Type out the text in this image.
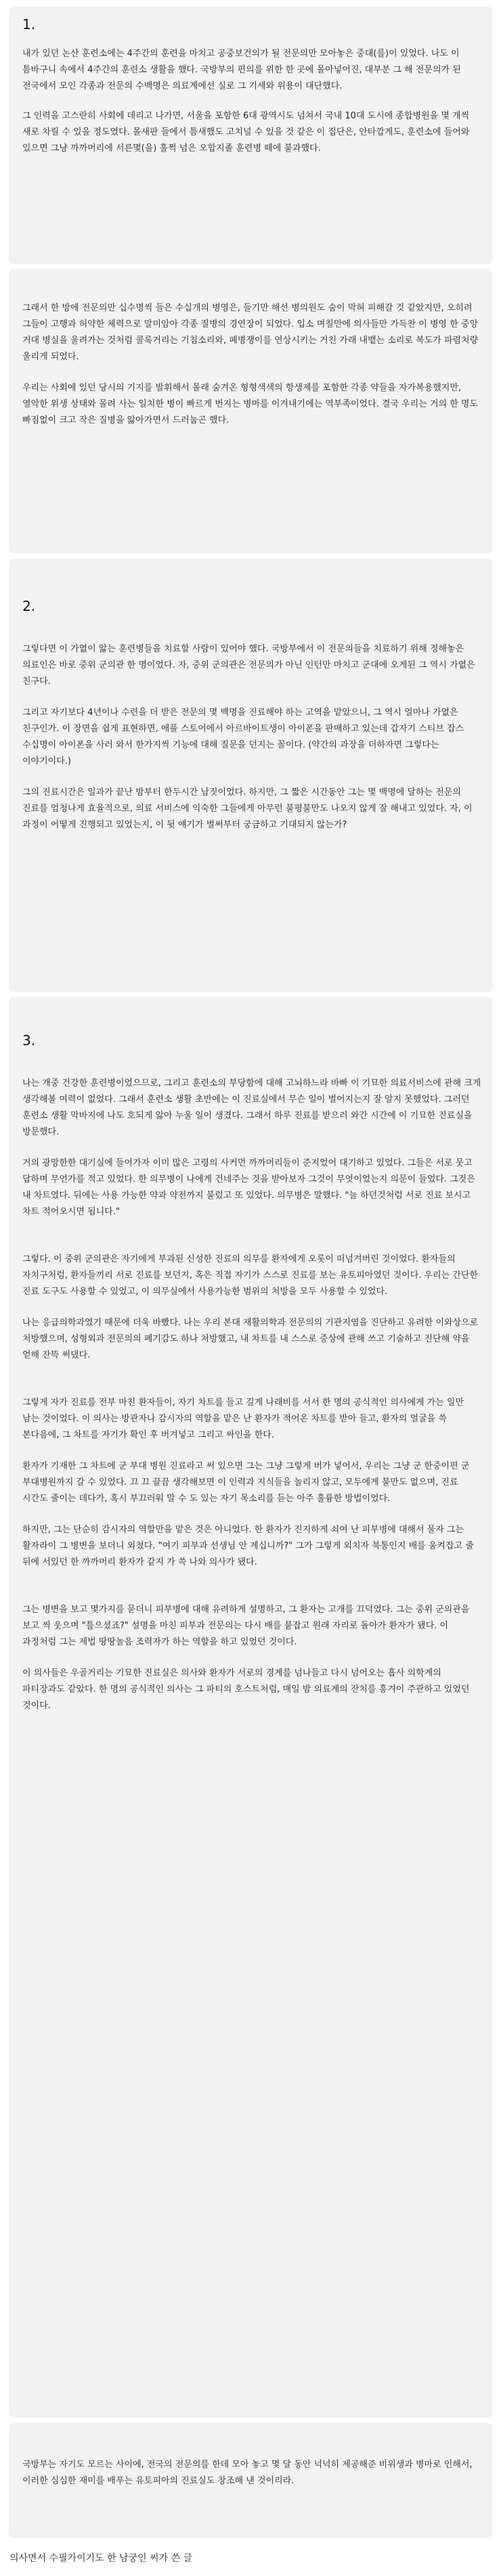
1.

내가 있던 논산 훈련소에는 4주간의 훈련을 마치고 공중보건의가 될 전문의만 모아놓은 중대(를)이 있었다. 나도 이 틈바구니 속에서 4주간의 훈련소 생활을 했다. 국방부의 편의를 위한 한 곳에 몰아넣어진, 대부분 그 해 전문의가 된 전국에서 모인 각종과 전문의 수백명은 의료계에선 실로 그 기세와 위용이 대단했다.

그 인력을 고스란히 사회에 데리고 나가면, 서울을 포함한 6대 광역시도 넘쳐서 국내 10대 도시에 종합병원을 몇 개씩 새로 차릴 수 있을 정도였다. 몰새판 들에서 틈새했도 고치널 수 있을 것 같은 이 집단은, 안타깝게도, 훈련소에 들어와 있으면 그냥 까까머리에 서른몇(을) 훌쩍 넘은 오합지졸 훈련병 떼에 불과했다.

그래서 한 방에 전문의만 십수명씩 들은 수십개의 병영은, 들기만 해선 병의원도 숨이 막혀 피해갈 것 같았지만, 오히려 그들이 고행과 허약한 체력으로 말미암아 각종 질병의 경연장이 되었다. 입소 며칠만에 의사들만 가득찬 이 병영 한 중앙 거대 병실을 울려가는 것처럼 콜록거리는 기침소리와, 폐병쟁이를 연상시키는 거친 가래 내뱉는 소리로 복도가 파렴치량 울리게 되었다.

우리는 사회에 있던 당시의 기지를 발휘해서 몰래 숨겨온 형형색색의 항생제를 포함한 각종 약들을 자가복용했지만, 열악한 위생 상태와 몰려 사는 일치한 병이 빠르게 번지는 병마를 이겨내기에는 역부족이었다. 결국 우리는 거의 한 명도 빠짐없이 크고 작은 질병을 앓아가면서 드러눕곤 했다.

2.

그렇다면 이 가엾이 앓는 훈련병들을 치료할 사람이 있어야 했다. 국방부에서 이 전문의들을 치료하기 위해 정해놓은 의료인은 바로 중위 군의관 한 명이었다. 자, 중위 군의관은 전문의가 아닌 인턴만 마치고 군대에 오게된 그 역시 가엾은 친구다.

그리고 자기보다 4년이나 수련을 더 받은 전문의 몇 백명을 진료해야 하는 고역을 맡았으니, 그 역시 얼마나 가엾은 친구인가. 이 장면을 쉽게 표현하면, 애플 스토어에서 아르바이트생이 아이폰을 판매하고 있는데 갑자기 스티브 잡스 수십명이 아이폰을 사러 와서 한가지씩 기능에 대해 질문을 던지는 꼴이다. (약간의 과장을 더하자면 그렇다는 이야기이다.)

그의 진료시간은 일과가 끝난 밤부터 한두시간 남짓이었다. 하지만, 그 짧은 시간동안 그는 몇 백명에 달하는 전문의 진료를 엄청나게 효율적으로, 의료 서비스에 익숙한 그들에게 아무런 불평불만도 나오지 않게 잘 해내고 있었다. 자, 이 과정이 어떻게 진행되고 있었는지, 이 뒷 얘기가 벌써부터 궁금하고 기대되지 않는가?

3.

나는 개중 건강한 훈련병이었으므로, 그리고 훈련소의 부당함에 대해 고뇌하느라 바빠 이 기묘한 의료서비스에 관해 크게 생각해볼 여력이 없었다. 그래서 훈련소 생활 초반에는 이 진료실에서 무슨 일이 벌어지는지 잘 알지 못했었다. 그러던 훈련소 생활 막바지에 나도 호되게 앓아 누울 일이 생겼다. 그래서 하루 진료를 받으러 와간 시간에 이 기묘한 진료실을 방문했다.

거의 광망한한 대기실에 들어가자 이미 많은 고령의 사커먼 까까머리들이 준지었어 대기하고 있었다. 그들은 서로 뭇고 답하며 무언가를 적고 있었다. 한 의무병이 나에게 건네주는 것을 받아보자 그것이 무엇이었는지 의문이 들었다. 그것은 내 차트였다. 뒤에는 사용 가능한 약과 약전까지 불렀고 또 있었다. 의무병은 말했다. "늘 하던것처럼 서로 진료 보시고 차트 적어오시면 됩니다."

그렇다. 이 중위 군의관은 자기에게 부과된 신성한 진료의 의무를 환자에게 오롯이 떠넘겨버린 것이었다. 환자들의 자치구처럼, 환자들끼리 서로 진료를 보던지, 혹은 직접 자기가 스스로 진료를 보는 유토피아였던 것이다. 우리는 간단한 진료 도구도 사용할 수 있었고, 이 의무실에서 사용가능한 범위의 처방을 모두 사용할 수 있었다.

나는 응급의학과였기 때문에 더욱 바빴다. 나는 우리 본대 재활의학과 전문의의 기관지염을 진단하고 유려한 이와상으로 처방했으며, 성형외과 전문의의 폐기감도 하나 처방했고, 내 차트를 내 스스로 증상에 관해 쓰고 기술하고 진단해 약을 얻해 잔뜩 써댔다.

그렇게 자가 진료를 전부 마친 환자들이, 자기 차트를 들고 길게 나래비를 서서 한 명의 공식적인 의사에게 가는 일만 남는 것이었다. 이 의사는 방관자나 감시자의 역할을 맡은 난 환자가 적어온 차트를 받아 들고, 환자의 얼굴을 쓱 본다음에, 그 차트를 자기가 확인 후 버겨넣고 그리고 싸인을 한다.

환자가 기재한 그 차트에 군 부대 병원 진료라고 써 있으면 그는 그냥 그렇게 버가 넣어서, 우리는 그냥 군 한중이편 군 부대병원까지 갈 수 있었다. 끄 끄 끌끔 생각해보면 이 인력과 지식들을 놀리지 않고, 모두에게 불만도 없으며, 진료 시간도 줄이는 데다가, 혹시 부끄러워 말 수 도 있는 자기 목소리를 듣는 아주 훌륭한 방법이었다.

하지만, 그는 단순히 감시자의 역할만을 맡은 것은 아니었다. 한 환자가 진지하게 쇠여 난 피부병에 대해서 물자 그는 활자라이 그 병변을 보더니 외쳤다. "여기 피부과 선생님 안 계십니까?" 그가 그렇게 외치자 북통인지 배를 움켜잡고 줄 뒤에 서있던 한 까까머리 환자가 같지 가 쓱 나와 의사가 됐다.

그는 병변을 보고 몇가지를 묻더니 피부병에 대해 유려하게 설명하고, 그 환자는 고개를 끄덕였다. 그는 중위 군의관을 보고 씩 웃으며 "틀으셨죠?" 설명을 마친 피부과 전문의는 다시 배를 붙잡고 원래 자리로 돌아가 환자가 됐다. 이 과정처럼 그는 제법 땅땅놀음 조력자가 하는 역할을 하고 있었던 것이다.

이 의사들은 우골거리는 기묘한 진료실은 의사와 환자가 서로의 경계를 넘나들고 다시 넘어오는 흡사 의학계의 파티장과도 같았다. 한 명의 공식적인 의사는 그 파티의 호스트처럼, 매일 밤 의료계의 잔치를 흥겨이 주관하고 있었던 것이다.

국방부는 자기도 모르는 사이에, 전국의 전문의를 한데 모아 놓고 몇 달 동안 넉넉히 제공해준 비위생과 병마로 인해서, 이러한 심심한 재미를 배푸는 유토피아의 진료실도 창조해 낸 것이리라.

의사면서 수필가이기도 한 남궁인 씨가 쓴 글
